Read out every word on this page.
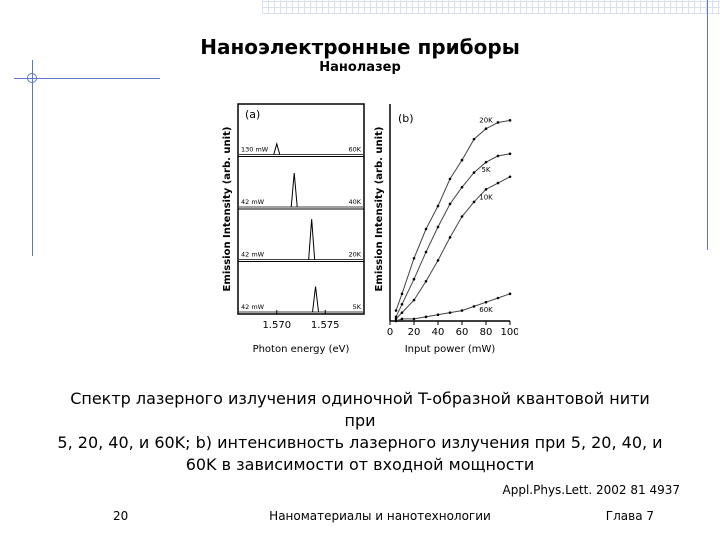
Наноэлектронные приборы
Нанолазер
(a)
Emission Intensity (arb. unit) 130 mW	60K
42 mW	40K
42 mW	20K
42 mW	5K
1.570 1.575
Photon energy (eV)
(b)
Emission Intensity (arb. unit)
20K
5K
10K
60K
0 20 40 60 80 100
Input power (mW)
Спектр лазерного излучения одиночной T-образной квантовой нити при
5, 20, 40, и 60K; b) интенсивность лазерного излучения при 5, 20, 40, и
60K в зависимости от входной мощности
Appl.Phys.Lett. 2002 81 4937
20	Наноматериалы и нанотехнологии	Глава 7
